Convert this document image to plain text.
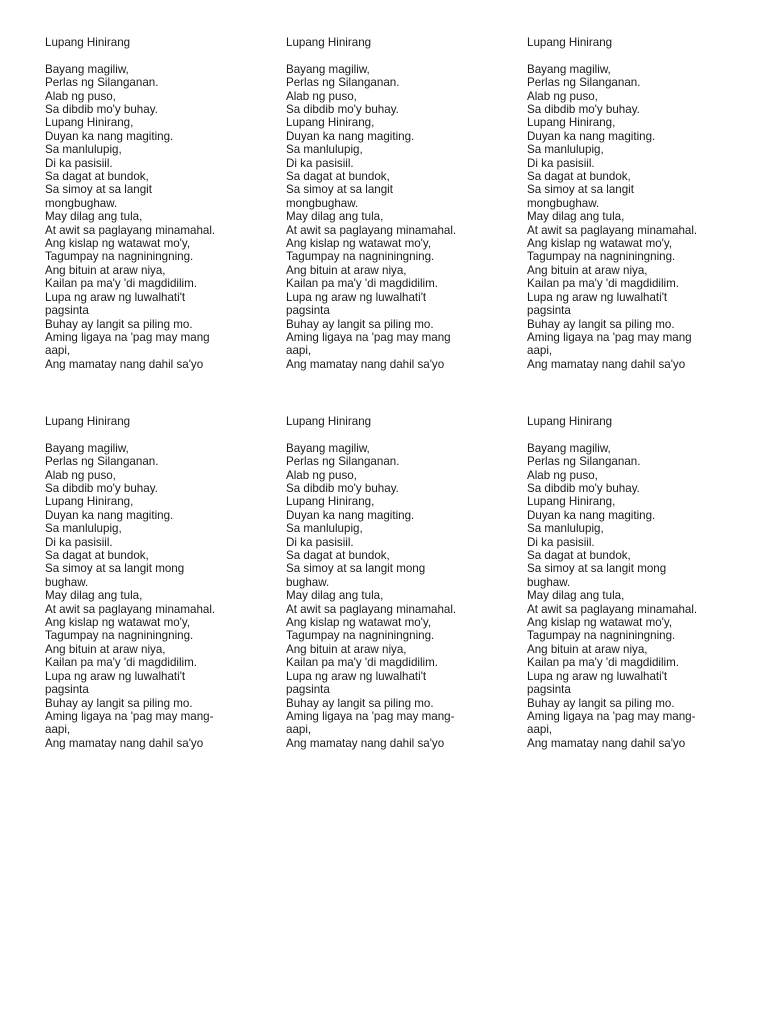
Lupang Hinirang

Bayang magiliw,
Perlas ng Silanganan.
Alab ng puso,
Sa dibdib mo'y buhay.
Lupang Hinirang,
Duyan ka nang magiting.
Sa manlulupig,
Di ka pasisiil.
Sa dagat at bundok,
Sa simoy at sa langit
mongbughaw.
May dilag ang tula,
At awit sa paglayang minamahal.
Ang kislap ng watawat mo'y,
Tagumpay na nagniningning.
Ang bituin at araw niya,
Kailan pa ma'y 'di magdidilim.
Lupa ng araw ng luwalhati't
pagsinta
Buhay ay langit sa piling mo.
Aming ligaya na 'pag may mang
aapi,
Ang mamatay nang dahil sa'yo

Lupang Hinirang

Bayang magiliw,
Perlas ng Silanganan.
Alab ng puso,
Sa dibdib mo'y buhay.
Lupang Hinirang,
Duyan ka nang magiting.
Sa manlulupig,
Di ka pasisiil.
Sa dagat at bundok,
Sa simoy at sa langit
mongbughaw.
May dilag ang tula,
At awit sa paglayang minamahal.
Ang kislap ng watawat mo'y,
Tagumpay na nagniningning.
Ang bituin at araw niya,
Kailan pa ma'y 'di magdidilim.
Lupa ng araw ng luwalhati't
pagsinta
Buhay ay langit sa piling mo.
Aming ligaya na 'pag may mang
aapi,
Ang mamatay nang dahil sa'yo

Lupang Hinirang

Bayang magiliw,
Perlas ng Silanganan.
Alab ng puso,
Sa dibdib mo'y buhay.
Lupang Hinirang,
Duyan ka nang magiting.
Sa manlulupig,
Di ka pasisiil.
Sa dagat at bundok,
Sa simoy at sa langit
mongbughaw.
May dilag ang tula,
At awit sa paglayang minamahal.
Ang kislap ng watawat mo'y,
Tagumpay na nagniningning.
Ang bituin at araw niya,
Kailan pa ma'y 'di magdidilim.
Lupa ng araw ng luwalhati't
pagsinta
Buhay ay langit sa piling mo.
Aming ligaya na 'pag may mang
aapi,
Ang mamatay nang dahil sa'yo

Lupang Hinirang

Bayang magiliw,
Perlas ng Silanganan.
Alab ng puso,
Sa dibdib mo'y buhay.
Lupang Hinirang,
Duyan ka nang magiting.
Sa manlulupig,
Di ka pasisiil.
Sa dagat at bundok,
Sa simoy at sa langit mong
bughaw.
May dilag ang tula,
At awit sa paglayang minamahal.
Ang kislap ng watawat mo'y,
Tagumpay na nagniningning.
Ang bituin at araw niya,
Kailan pa ma'y 'di magdidilim.
Lupa ng araw ng luwalhati't
pagsinta
Buhay ay langit sa piling mo.
Aming ligaya na 'pag may mang-
aapi,
Ang mamatay nang dahil sa'yo

Lupang Hinirang

Bayang magiliw,
Perlas ng Silanganan.
Alab ng puso,
Sa dibdib mo'y buhay.
Lupang Hinirang,
Duyan ka nang magiting.
Sa manlulupig,
Di ka pasisiil.
Sa dagat at bundok,
Sa simoy at sa langit mong
bughaw.
May dilag ang tula,
At awit sa paglayang minamahal.
Ang kislap ng watawat mo'y,
Tagumpay na nagniningning.
Ang bituin at araw niya,
Kailan pa ma'y 'di magdidilim.
Lupa ng araw ng luwalhati't
pagsinta
Buhay ay langit sa piling mo.
Aming ligaya na 'pag may mang-
aapi,
Ang mamatay nang dahil sa'yo

Lupang Hinirang

Bayang magiliw,
Perlas ng Silanganan.
Alab ng puso,
Sa dibdib mo'y buhay.
Lupang Hinirang,
Duyan ka nang magiting.
Sa manlulupig,
Di ka pasisiil.
Sa dagat at bundok,
Sa simoy at sa langit mong
bughaw.
May dilag ang tula,
At awit sa paglayang minamahal.
Ang kislap ng watawat mo'y,
Tagumpay na nagniningning.
Ang bituin at araw niya,
Kailan pa ma'y 'di magdidilim.
Lupa ng araw ng luwalhati't
pagsinta
Buhay ay langit sa piling mo.
Aming ligaya na 'pag may mang-
aapi,
Ang mamatay nang dahil sa'yo
